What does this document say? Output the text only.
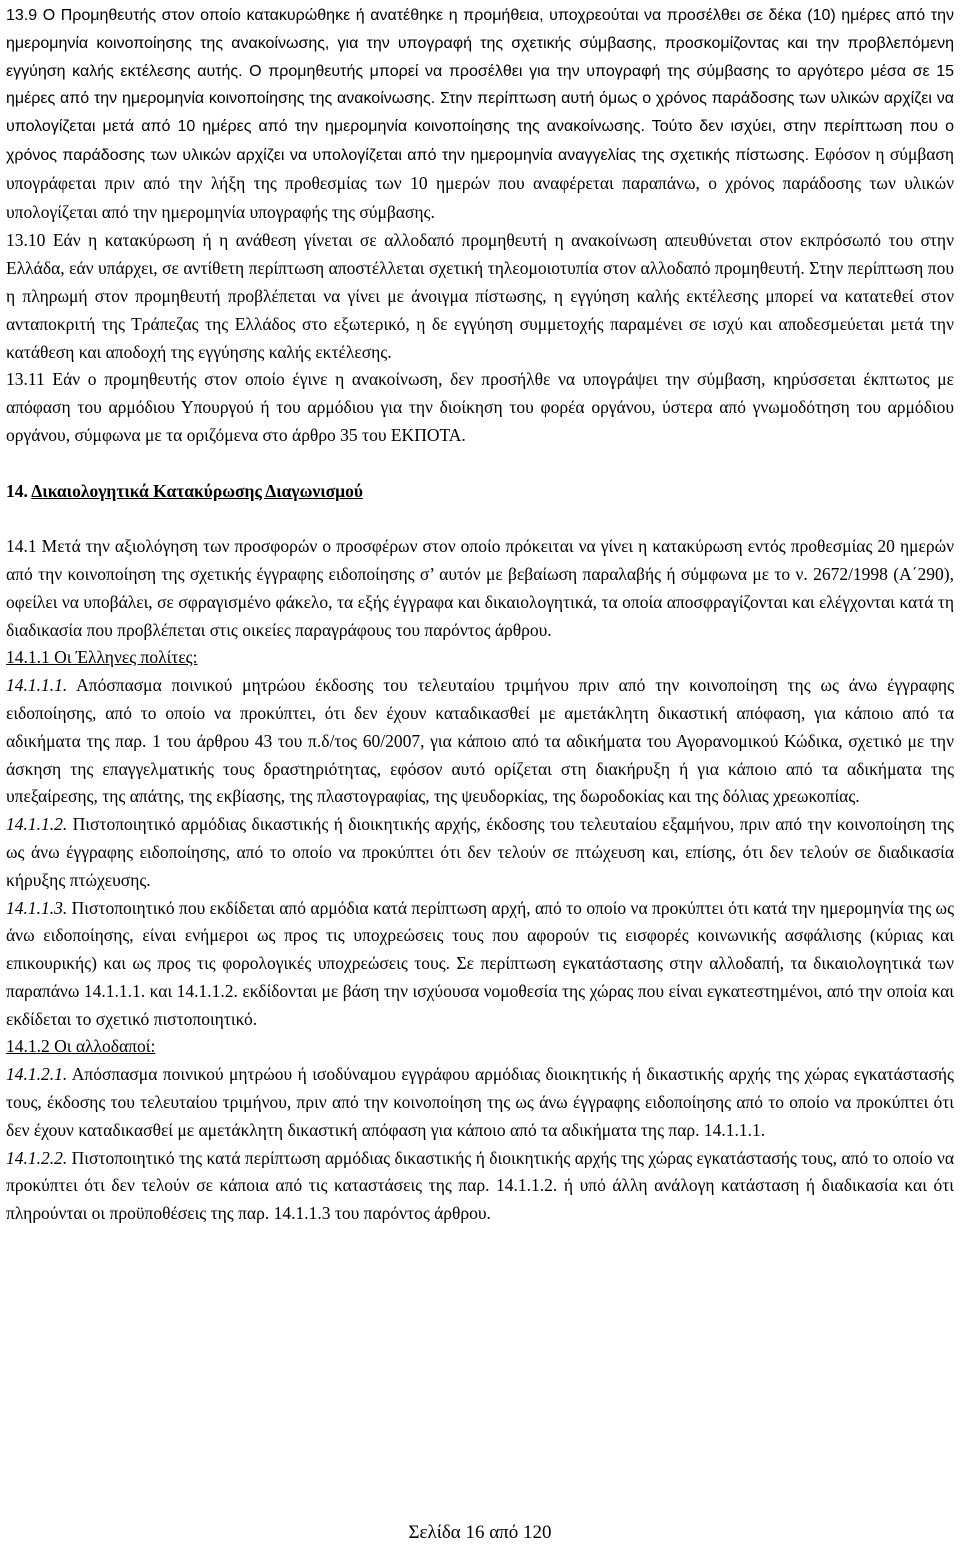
13.9 Ο Προμηθευτής στον οποίο κατακυρώθηκε ή ανατέθηκε η προμήθεια, υποχρεούται να προσέλθει σε δέκα (10) ημέρες από την ημερομηνία κοινοποίησης της ανακοίνωσης, για την υπογραφή της σχετικής σύμβασης, προσκομίζοντας και την προβλεπόμενη εγγύηση καλής εκτέλεσης αυτής. Ο προμηθευτής μπορεί να προσέλθει για την υπογραφή της σύμβασης το αργότερο μέσα σε 15 ημέρες από την ημερομηνία κοινοποίησης της ανακοίνωσης. Στην περίπτωση αυτή όμως ο χρόνος παράδοσης των υλικών αρχίζει να υπολογίζεται μετά από 10 ημέρες από την ημερομηνία κοινοποίησης της ανακοίνωσης. Τούτο δεν ισχύει, στην περίπτωση που ο χρόνος παράδοσης των υλικών αρχίζει να υπολογίζεται από την ημερομηνία αναγγελίας της σχετικής πίστωσης. Εφόσον η σύμβαση υπογράφεται πριν από την λήξη της προθεσμίας των 10 ημερών που αναφέρεται παραπάνω, ο χρόνος παράδοσης των υλικών υπολογίζεται από την ημερομηνία υπογραφής της σύμβασης.

13.10 Εάν η κατακύρωση ή η ανάθεση γίνεται σε αλλοδαπό προμηθευτή η ανακοίνωση απευθύνεται στον εκπρόσωπό του στην Ελλάδα, εάν υπάρχει, σε αντίθετη περίπτωση αποστέλλεται σχετική τηλεομοιοτυπία στον αλλοδαπό προμηθευτή. Στην περίπτωση που η πληρωμή στον προμηθευτή προβλέπεται να γίνει με άνοιγμα πίστωσης, η εγγύηση καλής εκτέλεσης μπορεί να κατατεθεί στον ανταποκριτή της Τράπεζας της Ελλάδος στο εξωτερικό, η δε εγγύηση συμμετοχής παραμένει σε ισχύ και αποδεσμεύεται μετά την κατάθεση και αποδοχή της εγγύησης καλής εκτέλεσης.

13.11 Εάν ο προμηθευτής στον οποίο έγινε η ανακοίνωση, δεν προσήλθε να υπογράψει την σύμβαση, κηρύσσεται έκπτωτος με απόφαση του αρμόδιου Υπουργού ή του αρμόδιου για την διοίκηση του φορέα οργάνου, ύστερα από γνωμοδότηση του αρμόδιου οργάνου, σύμφωνα με τα οριζόμενα στο άρθρο 35 του ΕΚΠΟΤΑ.

14. Δικαιολογητικά Κατακύρωσης Διαγωνισμού

14.1 Μετά την αξιολόγηση των προσφορών ο προσφέρων στον οποίο πρόκειται να γίνει η κατακύρωση εντός προθεσμίας 20 ημερών από την κοινοποίηση της σχετικής έγγραφης ειδοποίησης σ’ αυτόν με βεβαίωση παραλαβής ή σύμφωνα με το ν. 2672/1998 (Α΄290), οφείλει να υποβάλει, σε σφραγισμένο φάκελο, τα εξής έγγραφα και δικαιολογητικά, τα οποία αποσφραγίζονται και ελέγχονται κατά τη διαδικασία που προβλέπεται στις οικείες παραγράφους του παρόντος άρθρου.

14.1.1 Οι Έλληνες πολίτες:

14.1.1.1. Απόσπασμα ποινικού μητρώου έκδοσης του τελευταίου τριμήνου πριν από την κοινοποίηση της ως άνω έγγραφης ειδοποίησης, από το οποίο να προκύπτει, ότι δεν έχουν καταδικασθεί με αμετάκλητη δικαστική απόφαση, για κάποιο από τα αδικήματα της παρ. 1 του άρθρου 43 του π.δ/τος 60/2007, για κάποιο από τα αδικήματα του Αγορανομικού Κώδικα, σχετικό με την άσκηση της επαγγελματικής τους δραστηριότητας, εφόσον αυτό ορίζεται στη διακήρυξη ή για κάποιο από τα αδικήματα της υπεξαίρεσης, της απάτης, της εκβίασης, της πλαστογραφίας, της ψευδορκίας, της δωροδοκίας και της δόλιας χρεωκοπίας.

14.1.1.2. Πιστοποιητικό αρμόδιας δικαστικής ή διοικητικής αρχής, έκδοσης του τελευταίου εξαμήνου, πριν από την κοινοποίηση της ως άνω έγγραφης ειδοποίησης, από το οποίο να προκύπτει ότι δεν τελούν σε πτώχευση και, επίσης, ότι δεν τελούν σε διαδικασία κήρυξης πτώχευσης.

14.1.1.3. Πιστοποιητικό που εκδίδεται από αρμόδια κατά περίπτωση αρχή, από το οποίο να προκύπτει ότι κατά την ημερομηνία της ως άνω ειδοποίησης, είναι ενήμεροι ως προς τις υποχρεώσεις τους που αφορούν τις εισφορές κοινωνικής ασφάλισης (κύριας και επικουρικής) και ως προς τις φορολογικές υποχρεώσεις τους. Σε περίπτωση εγκατάστασης στην αλλοδαπή, τα δικαιολογητικά των παραπάνω 14.1.1.1. και 14.1.1.2. εκδίδονται με βάση την ισχύουσα νομοθεσία της χώρας που είναι εγκατεστημένοι, από την οποία και εκδίδεται το σχετικό πιστοποιητικό.

14.1.2 Οι αλλοδαποί:

14.1.2.1. Απόσπασμα ποινικού μητρώου ή ισοδύναμου εγγράφου αρμόδιας διοικητικής ή δικαστικής αρχής της χώρας εγκατάστασής τους, έκδοσης του τελευταίου τριμήνου, πριν από την κοινοποίηση της ως άνω έγγραφης ειδοποίησης από το οποίο να προκύπτει ότι δεν έχουν καταδικασθεί με αμετάκλητη δικαστική απόφαση για κάποιο από τα αδικήματα της παρ. 14.1.1.1.

14.1.2.2. Πιστοποιητικό της κατά περίπτωση αρμόδιας δικαστικής ή διοικητικής αρχής της χώρας εγκατάστασής τους, από το οποίο να προκύπτει ότι δεν τελούν σε κάποια από τις καταστάσεις της παρ. 14.1.1.2. ή υπό άλλη ανάλογη κατάσταση ή διαδικασία και ότι πληρούνται οι προϋποθέσεις της παρ. 14.1.1.3 του παρόντος άρθρου.

Σελίδα 16 από 120
